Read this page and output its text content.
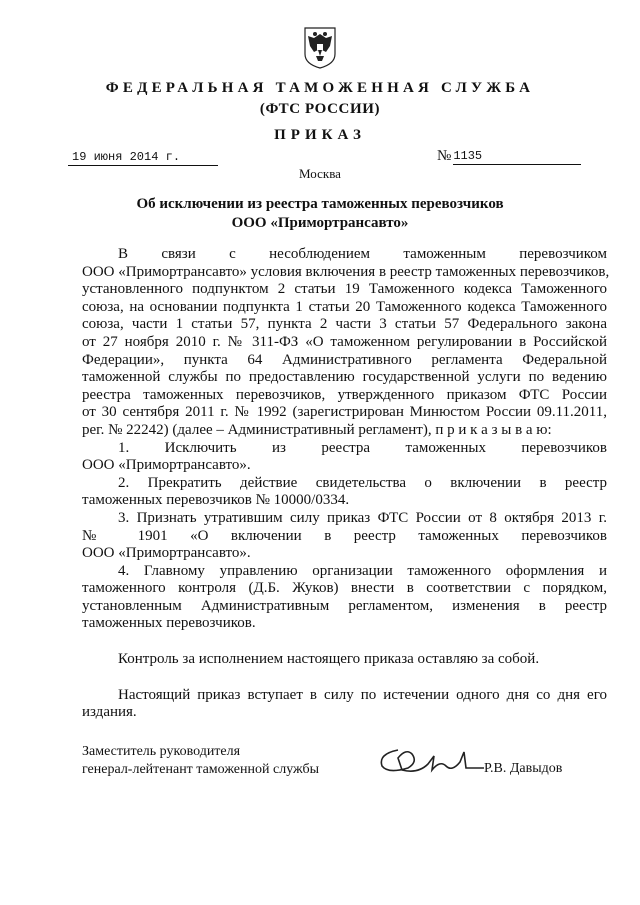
ФЕДЕРАЛЬНАЯ ТАМОЖЕННАЯ СЛУЖБА
(ФТС РОССИИ)
ПРИКАЗ
19 июня 2014 г.	№ 1135
Москва
Об исключении из реестра таможенных перевозчиков
ООО «Примортрансавто»
В связи с несоблюдением таможенным перевозчиком
ООО «Примортрансавто» условия включения в реестр таможенных перевозчиков,
установленного подпунктом 2 статьи 19 Таможенного кодекса Таможенного
союза, на основании подпункта 1 статьи 20 Таможенного кодекса Таможенного
союза, части 1 статьи 57, пункта 2 части 3 статьи 57 Федерального закона
от 27 ноября 2010 г. № 311-ФЗ «О таможенном регулировании в Российской
Федерации», пункта 64 Административного регламента Федеральной
таможенной службы по предоставлению государственной услуги по ведению
реестра таможенных перевозчиков, утвержденного приказом ФТС России
от 30 сентября 2011 г. № 1992 (зарегистрирован Минюстом России 09.11.2011,
рег. № 22242) (далее – Административный регламент), п р и к а з ы в а ю:
1. Исключить из реестра таможенных перевозчиков
ООО «Примортрансавто».
2. Прекратить действие свидетельства о включении в реестр
таможенных перевозчиков № 10000/0334.
3. Признать утратившим силу приказ ФТС России от 8 октября 2013 г.
№ 1901 «О включении в реестр таможенных перевозчиков
ООО «Примортрансавто».
4. Главному управлению организации таможенного оформления и
таможенного контроля (Д.Б. Жуков) внести в соответствии с порядком,
установленным Административным регламентом, изменения в реестр
таможенных перевозчиков.
Контроль за исполнением настоящего приказа оставляю за собой.
Настоящий приказ вступает в силу по истечении одного дня со дня его
издания.
Заместитель руководителя
генерал-лейтенант таможенной службы	Р.В. Давыдов
